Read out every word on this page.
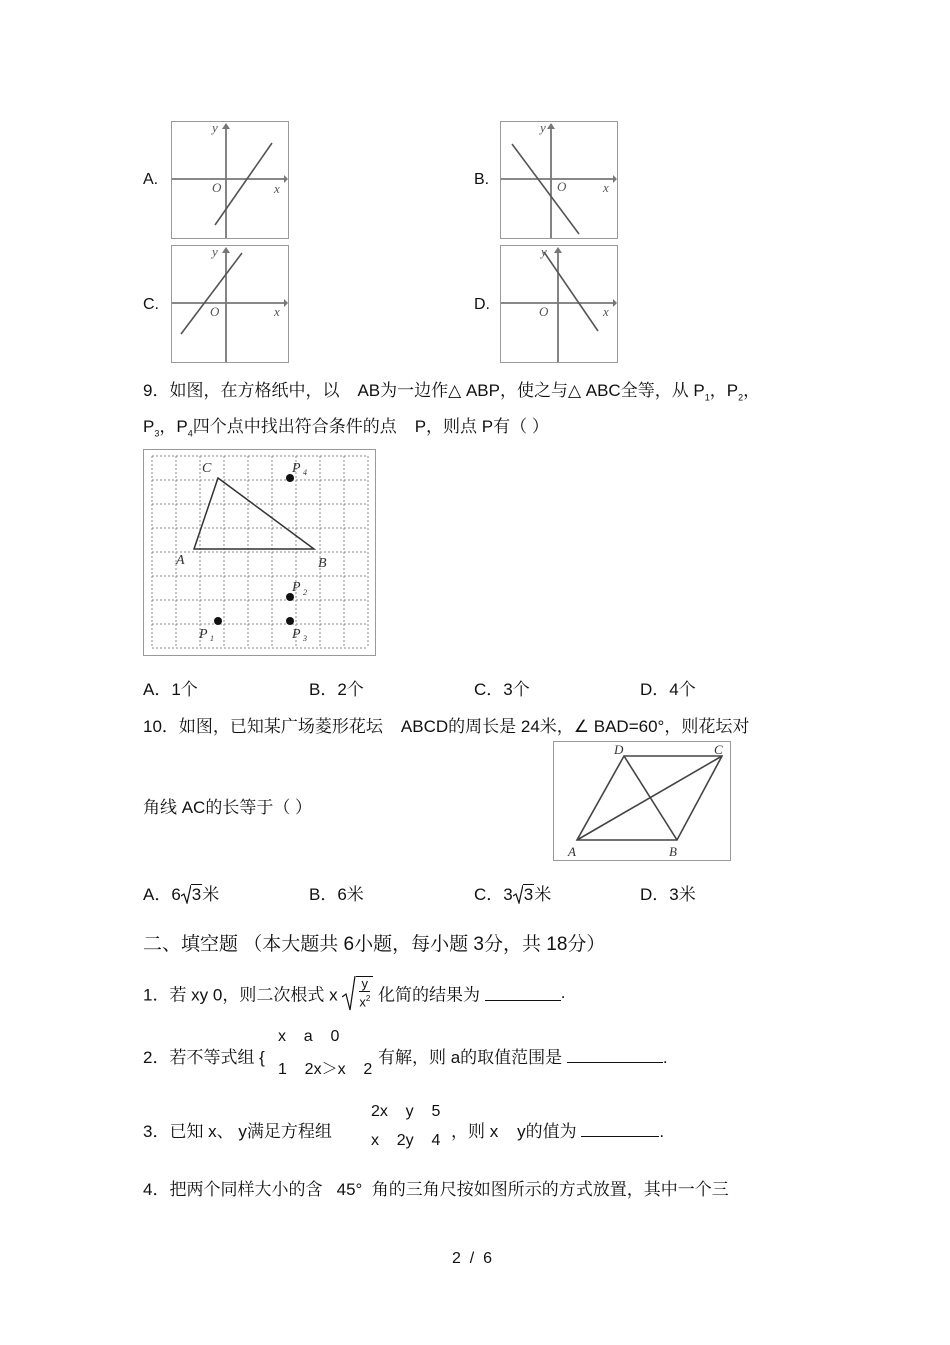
A.	B.
C.	D.
y
x
O
y
x
O
y
x
O
y
x
O
9．如图，在方格纸中，以 AB为一边作△ ABP，使之与△ ABC全等，从 $P_1$，$P_2$，
$P_3$，$P_4$四个点中找出符合条件的点 P，则点 P有（ ）
C
A	B
P 4
P 2
P 3
P 1
A．1个	B．2个	C．3个	D．4个
10．如图，已知某广场菱形花坛 ABCD的周长是 24米，∠ BAD=60°，则花坛对
角线 AC的长等于（ ）
D	C
A	B
A．6 3米	B．6米	C．3 3米	D．3米
二、填空题 （本大题共 6小题，每小题 3分，共 18分）
1．若 xy 0，则二次根式 x $\frac{y}{x^2}$ 化简的结果为	.
2．若不等式组 {
x    a    0
1    2x＞x    2
有解，则 a的取值范围是	.
3．已知 x、 y满足方程组
2x    y    5
x    2y    4 ，则 x    y的值为	.
4．把两个同样大小的含   45°  角的三角尺按如图所示的方式放置，其中一个三
2  /  6
